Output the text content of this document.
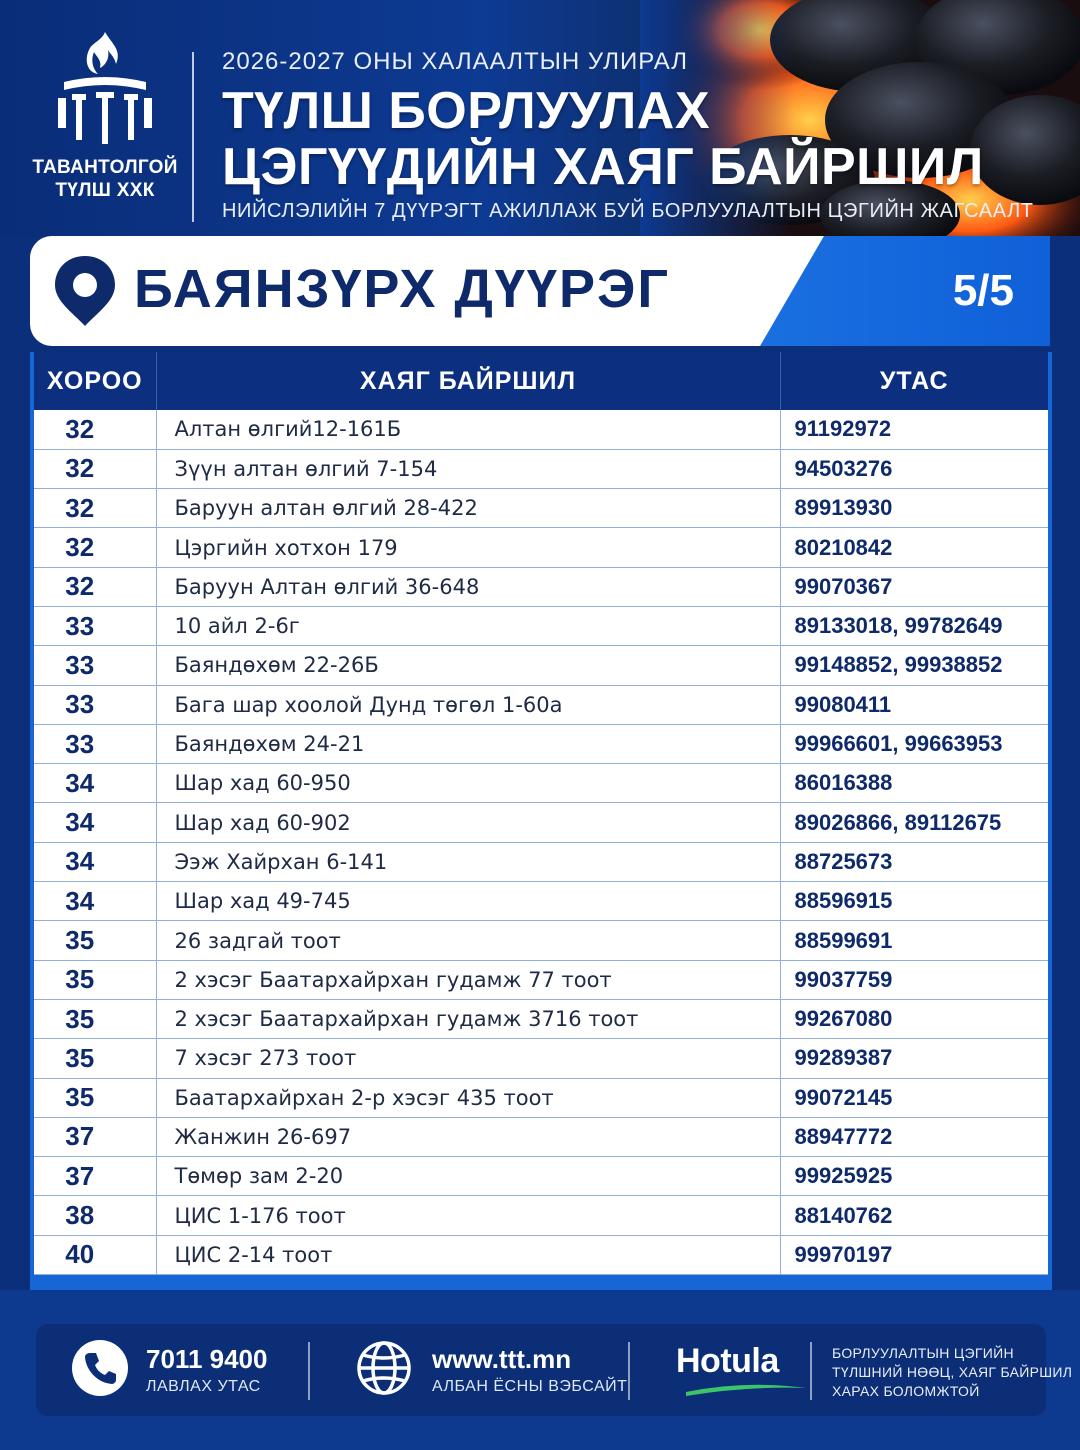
ТАВАНТОЛГОЙ
ТҮЛШ ХХК
2026-2027 ОНЫ ХАЛААЛТЫН УЛИРАЛ
ТҮЛШ БОРЛУУЛАХ
ЦЭГҮҮДИЙН ХАЯГ БАЙРШИЛ
НИЙСЛЭЛИЙН 7 ДҮҮРЭГТ АЖИЛЛАЖ БУЙ БОРЛУУЛАЛТЫН ЦЭГИЙН ЖАГСААЛТ
БАЯНЗҮРХ ДҮҮРЭГ	5/5
ХОРОО	ХАЯГ БАЙРШИЛ	УТАС
32	Алтан өлгий12-161Б	91192972
32	Зүүн алтан өлгий 7-154	94503276
32	Баруун алтан өлгий 28-422	89913930
32	Цэргийн хотхон 179	80210842
32	Баруун Алтан өлгий 36-648	99070367
33	10 айл 2-6г	89133018, 99782649
33	Баяндөхөм 22-26Б	99148852, 99938852
33	Бага шар хоолой Дунд төгөл 1-60а	99080411
33	Баяндөхөм 24-21	99966601, 99663953
34	Шар хад 60-950	86016388
34	Шар хад 60-902	89026866, 89112675
34	Ээж Хайрхан 6-141	88725673
34	Шар хад 49-745	88596915
35	26 задгай тоот	88599691
35	2 хэсэг Баатархайрхан гудамж 77 тоот	99037759
35	2 хэсэг Баатархайрхан гудамж 3716 тоот	99267080
35	7 хэсэг 273 тоот	99289387
35	Баатархайрхан 2-р хэсэг 435 тоот	99072145
37	Жанжин 26-697	88947772
37	Төмөр зам 2-20	99925925
38	ЦИС 1-176 тоот	88140762
40	ЦИС 2-14 тоот	99970197
7011 9400
ЛАВЛАХ УТАС
www.ttt.mn
АЛБАН ЁСНЫ ВЭБСАЙТ
Hotula	БОРЛУУЛАЛТЫН ЦЭГИЙН
ТҮЛШНИЙ НӨӨЦ, ХАЯГ БАЙРШИЛ
ХАРАХ БОЛОМЖТОЙ
